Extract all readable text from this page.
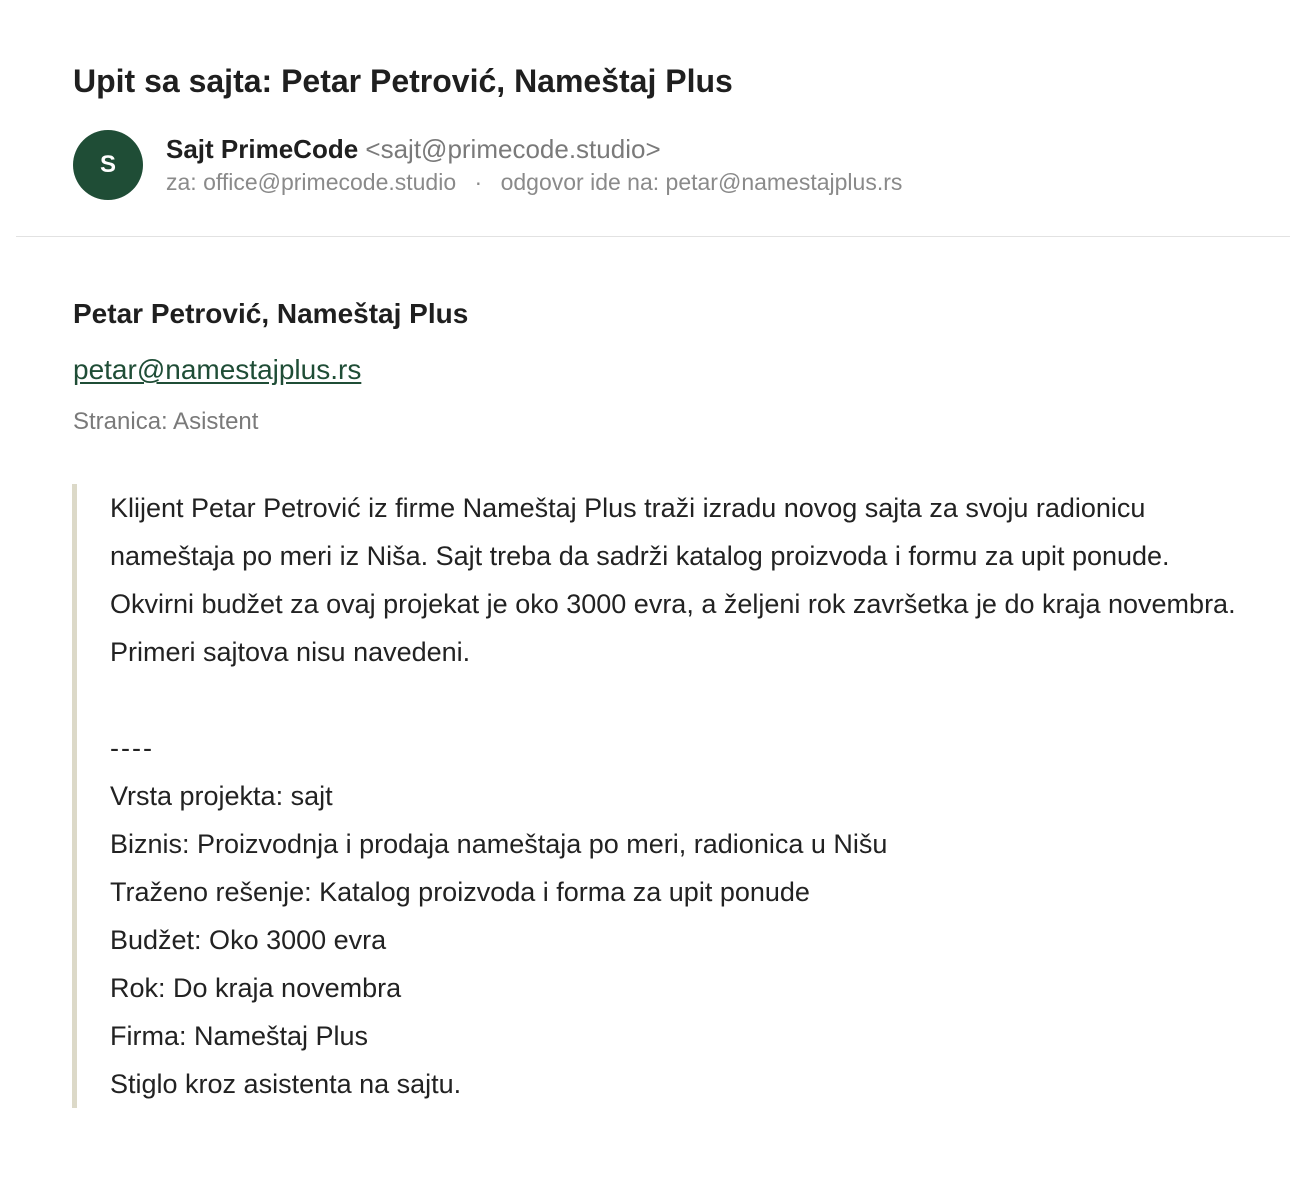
Upit sa sajta: Petar Petrović, Nameštaj Plus
S
Sajt PrimeCode <sajt@primecode.studio>
za: office@primecode.studio · odgovor ide na: petar@namestajplus.rs
Petar Petrović, Nameštaj Plus
petar@namestajplus.rs
Stranica: Asistent

Klijent Petar Petrović iz firme Nameštaj Plus traži izradu novog sajta za svoju radionicu nameštaja po meri iz Niša. Sajt treba da sadrži katalog proizvoda i formu za upit ponude. Okvirni budžet za ovaj projekat je oko 3000 evra, a željeni rok završetka je do kraja novembra. Primeri sajtova nisu navedeni.

----
Vrsta projekta: sajt
Biznis: Proizvodnja i prodaja nameštaja po meri, radionica u Nišu
Traženo rešenje: Katalog proizvoda i forma za upit ponude
Budžet: Oko 3000 evra
Rok: Do kraja novembra
Firma: Nameštaj Plus
Stiglo kroz asistenta na sajtu.
